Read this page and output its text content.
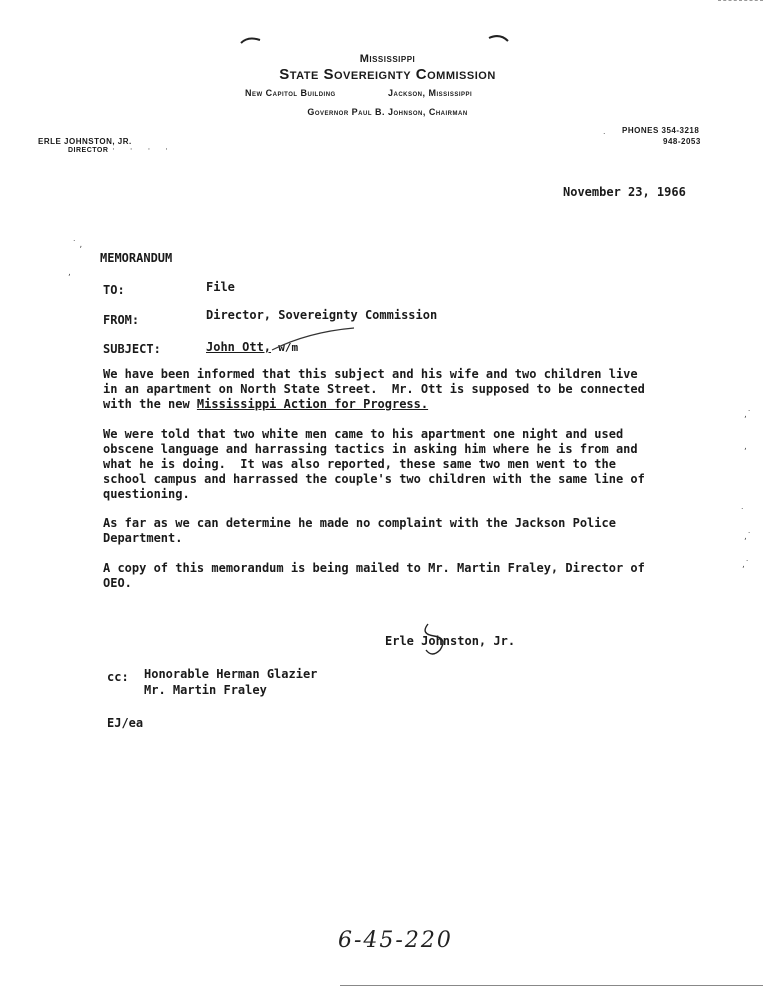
Mississippi
State Sovereignty Commission
New Capitol Building	Jackson, Mississippi
Governor Paul B. Johnson, Chairman
ERLE JOHNSTON, JR.
DIRECTOR · · · ·
PHONES 354-3218
948-2053
˙
November 23, 1966
˙ ,
,
,˙
,
˙
,˙
,˙
MEMORANDUM
TO:	File
FROM:	Director, Sovereignty Commission
SUBJECT:	John Ott, w/m
We have been informed that this subject and his wife and two children live
in an apartment on North State Street.  Mr. Ott is supposed to be connected
with the new Mississippi Action for Progress.
We were told that two white men came to his apartment one night and used
obscene language and harrassing tactics in asking him where he is from and
what he is doing.  It was also reported, these same two men went to the
school campus and harrassed the couple's two children with the same line of
questioning.
As far as we can determine he made no complaint with the Jackson Police
Department.
A copy of this memorandum is being mailed to Mr. Martin Fraley, Director of
OEO.
Erle Johnston, Jr.
cc: Honorable Herman Glazier
Mr. Martin Fraley
EJ/ea
6-45-220
